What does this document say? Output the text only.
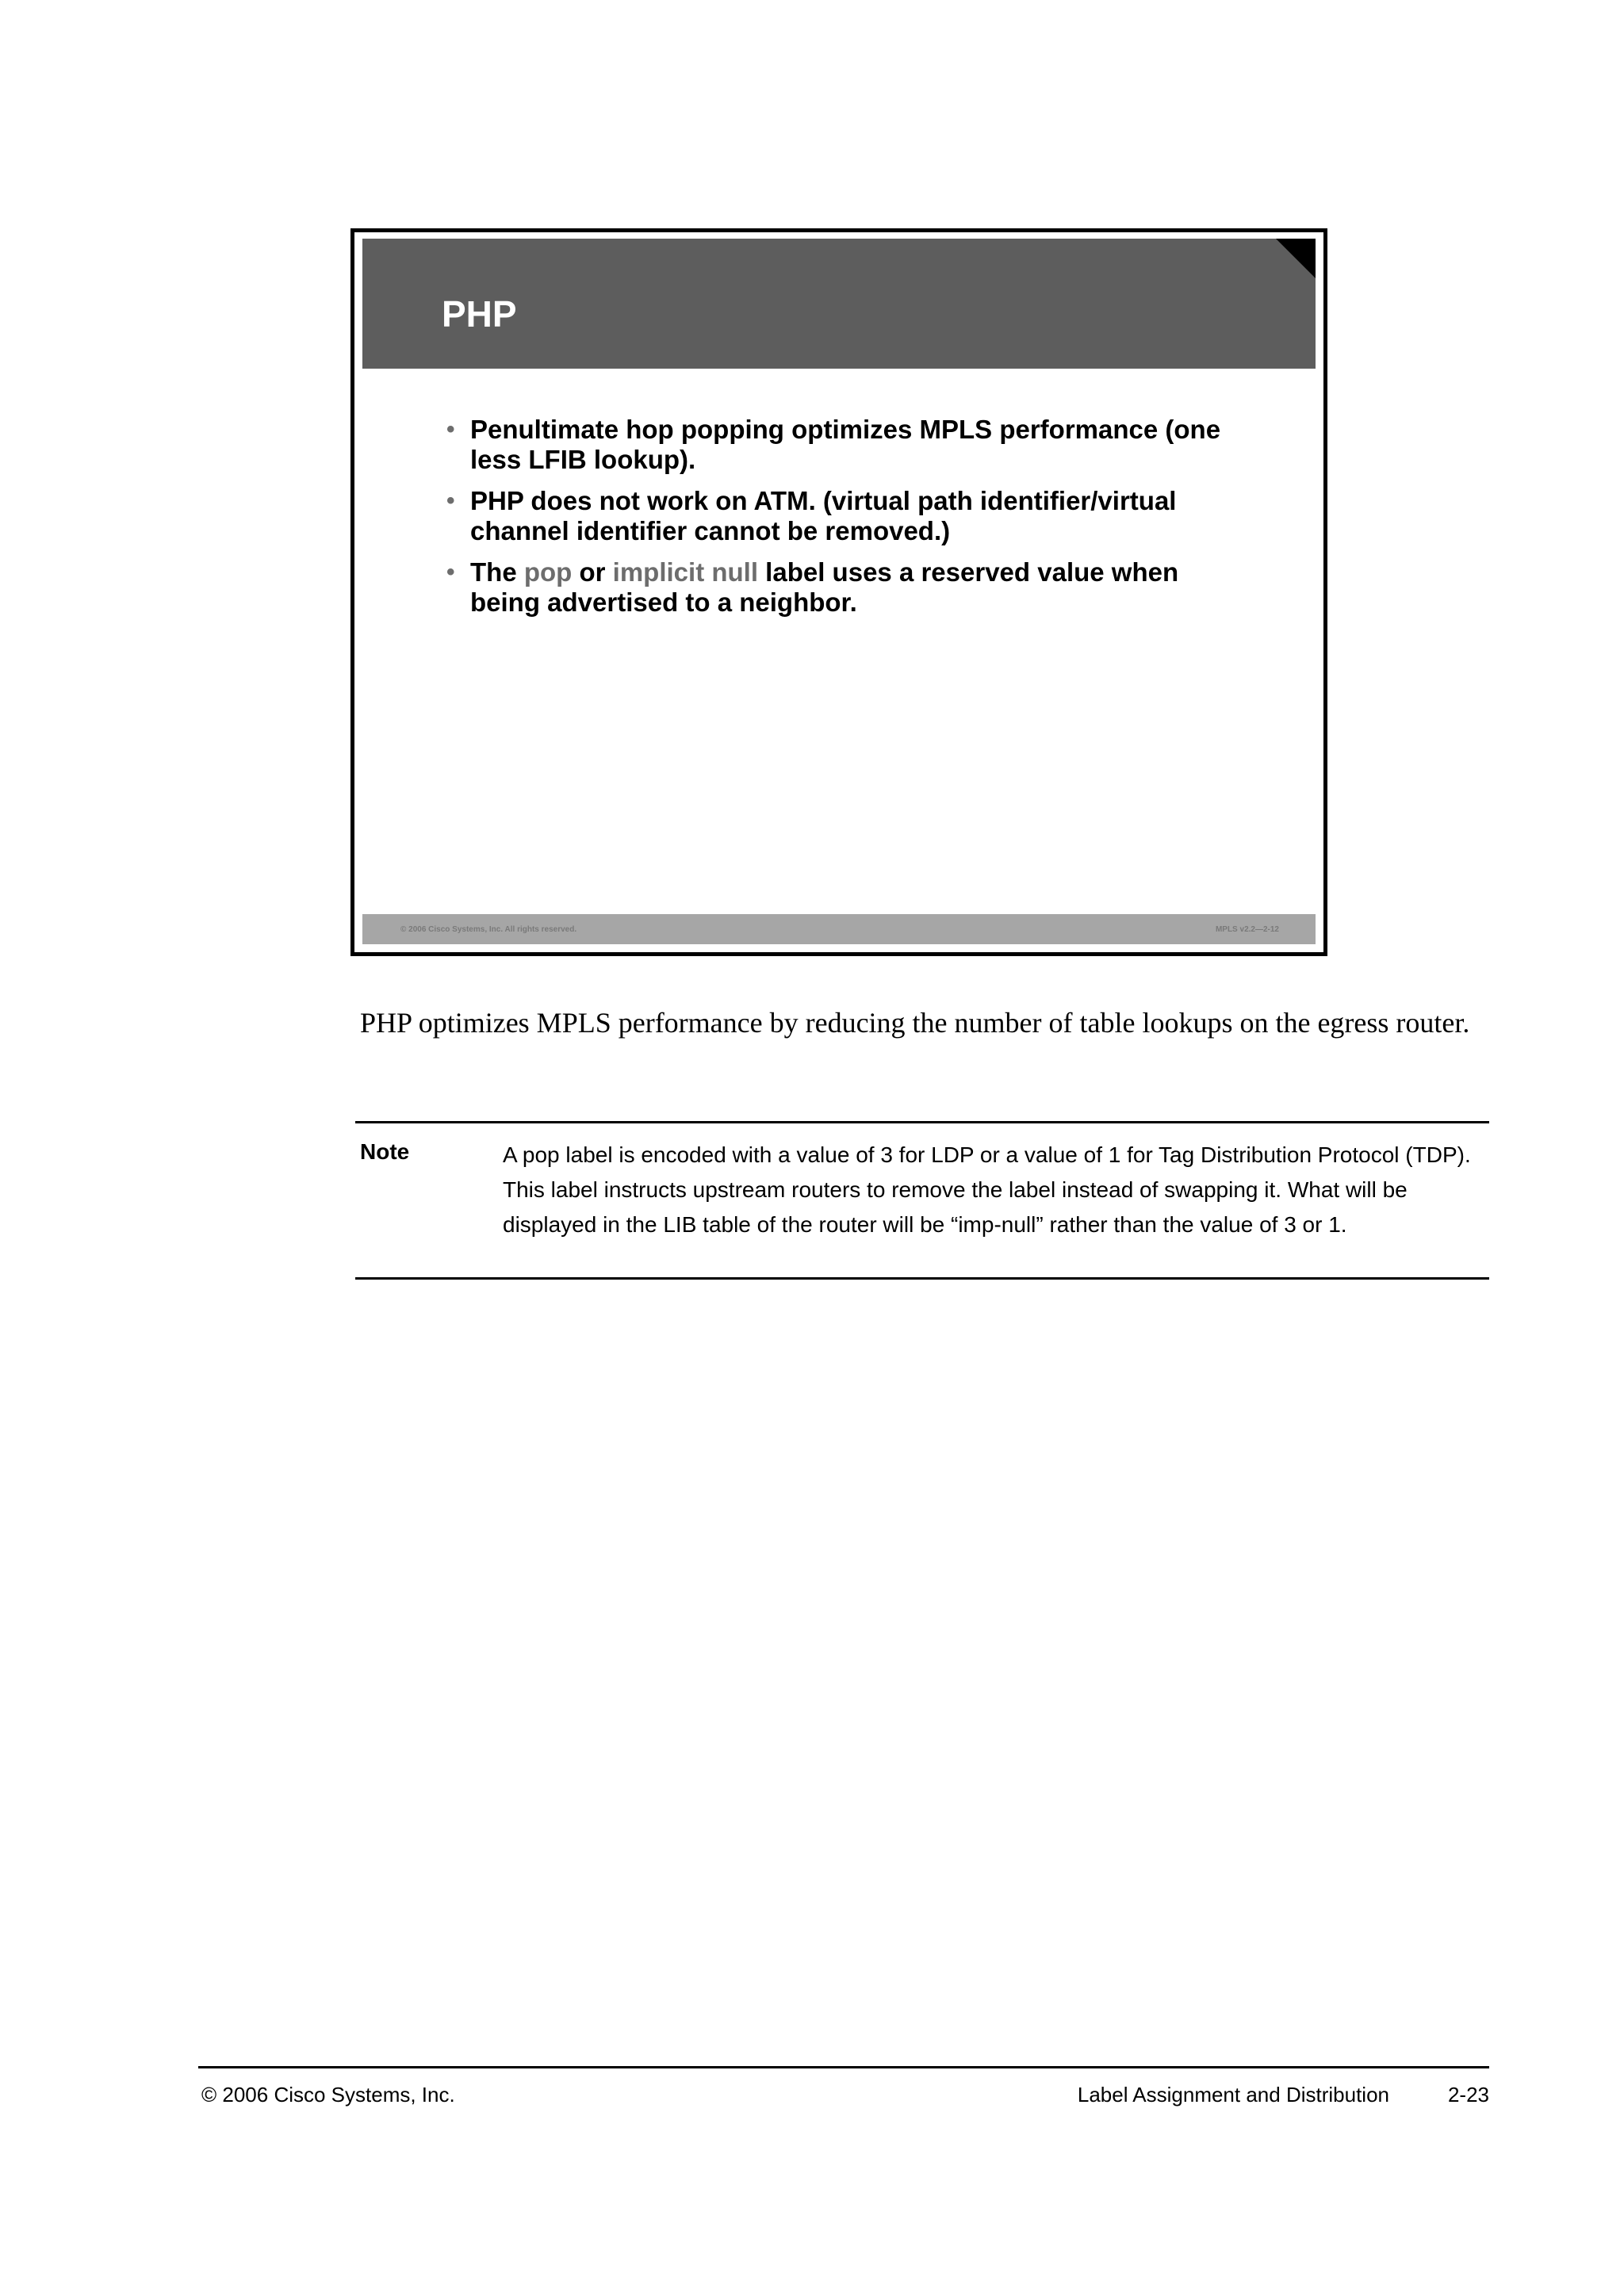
PHP
• Penultimate hop popping optimizes MPLS performance (one less LFIB lookup).
• PHP does not work on ATM. (virtual path identifier/virtual channel identifier cannot be removed.)
• The pop or implicit null label uses a reserved value when being advertised to a neighbor.
© 2006 Cisco Systems, Inc. All rights reserved.	MPLS v2.2—2-12

PHP optimizes MPLS performance by reducing the number of table lookups on the egress router.

Note	A pop label is encoded with a value of 3 for LDP or a value of 1 for Tag Distribution Protocol (TDP). This label instructs upstream routers to remove the label instead of swapping it. What will be displayed in the LIB table of the router will be “imp-null” rather than the value of 3 or 1.

© 2006 Cisco Systems, Inc.	Label Assignment and Distribution	2-23
